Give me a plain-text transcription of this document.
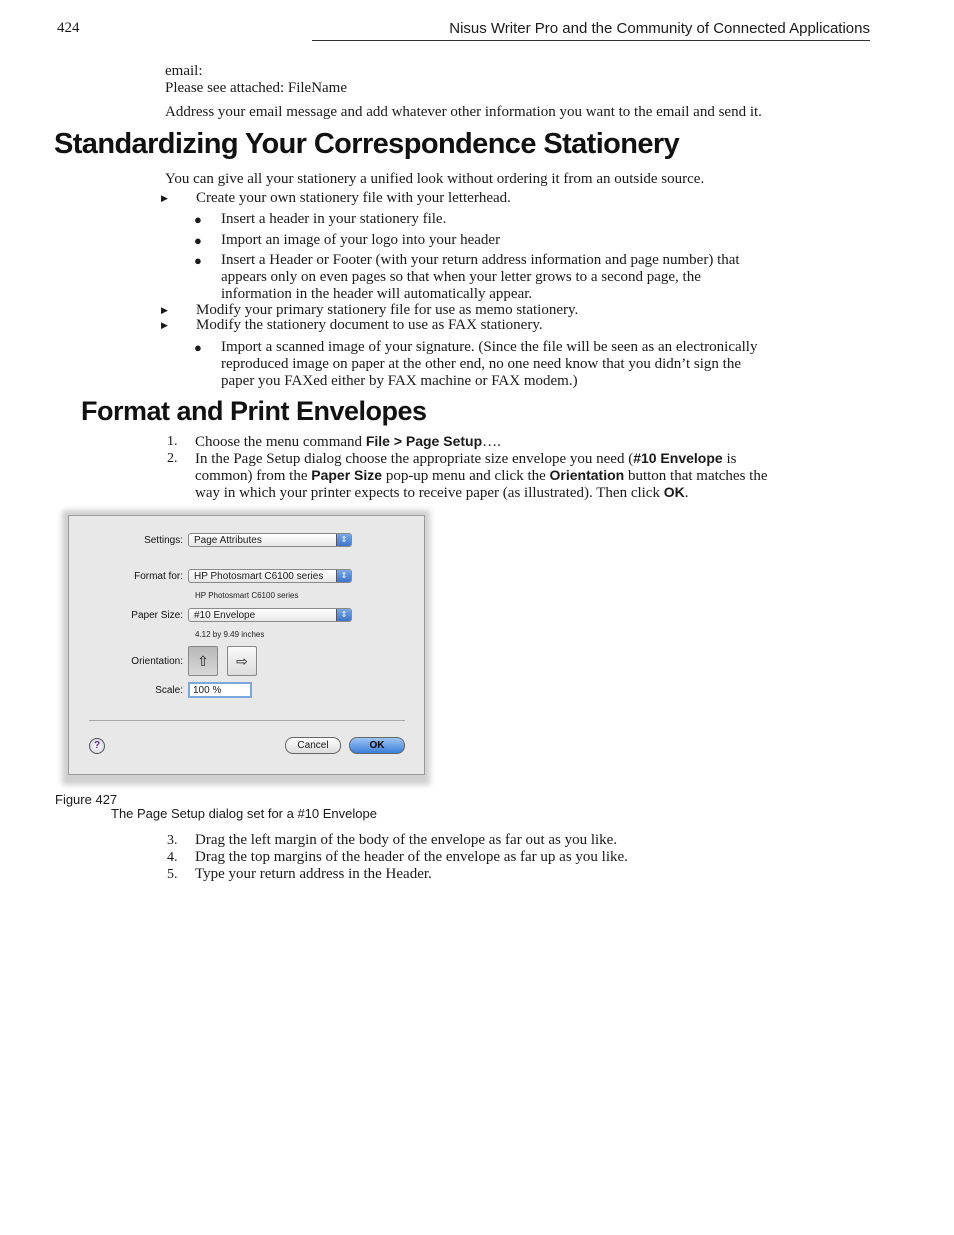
424	Nisus Writer Pro and the Community of Connected Applications
email:
Please see attached: FileName
Address your email message and add whatever other information you want to the email and send it.
Standardizing Your Correspondence Stationery
You can give all your stationery a unified look without ordering it from an outside source.
▶ Create your own stationery file with your letterhead.
● Insert a header in your stationery file.
● Import an image of your logo into your header
● Insert a Header or Footer (with your return address information and page number) that
appears only on even pages so that when your letter grows to a second page, the
information in the header will automatically appear.
▶ Modify your primary stationery file for use as memo stationery.
▶ Modify the stationery document to use as FAX stationery.
● Import a scanned image of your signature. (Since the file will be seen as an electronically
reproduced image on paper at the other end, no one need know that you didn’t sign the
paper you FAXed either by FAX machine or FAX modem.)
Format and Print Envelopes
1. Choose the menu command File > Page Setup….
2. In the Page Setup dialog choose the appropriate size envelope you need (#10 Envelope is
common) from the Paper Size pop-up menu and click the Orientation button that matches the
way in which your printer expects to receive paper (as illustrated). Then click OK.
Settings:	Page Attributes	⇕
Format for:	HP Photosmart C6100 series	⇕
HP Photosmart C6100 series
Paper Size:	#10 Envelope	⇕
4.12 by 9.49 inches
Orientation:	⇧	⇨
Scale:	100 %
?	Cancel	OK
Figure 427
The Page Setup dialog set for a #10 Envelope
3. Drag the left margin of the body of the envelope as far out as you like.
4. Drag the top margins of the header of the envelope as far up as you like.
5. Type your return address in the Header.
